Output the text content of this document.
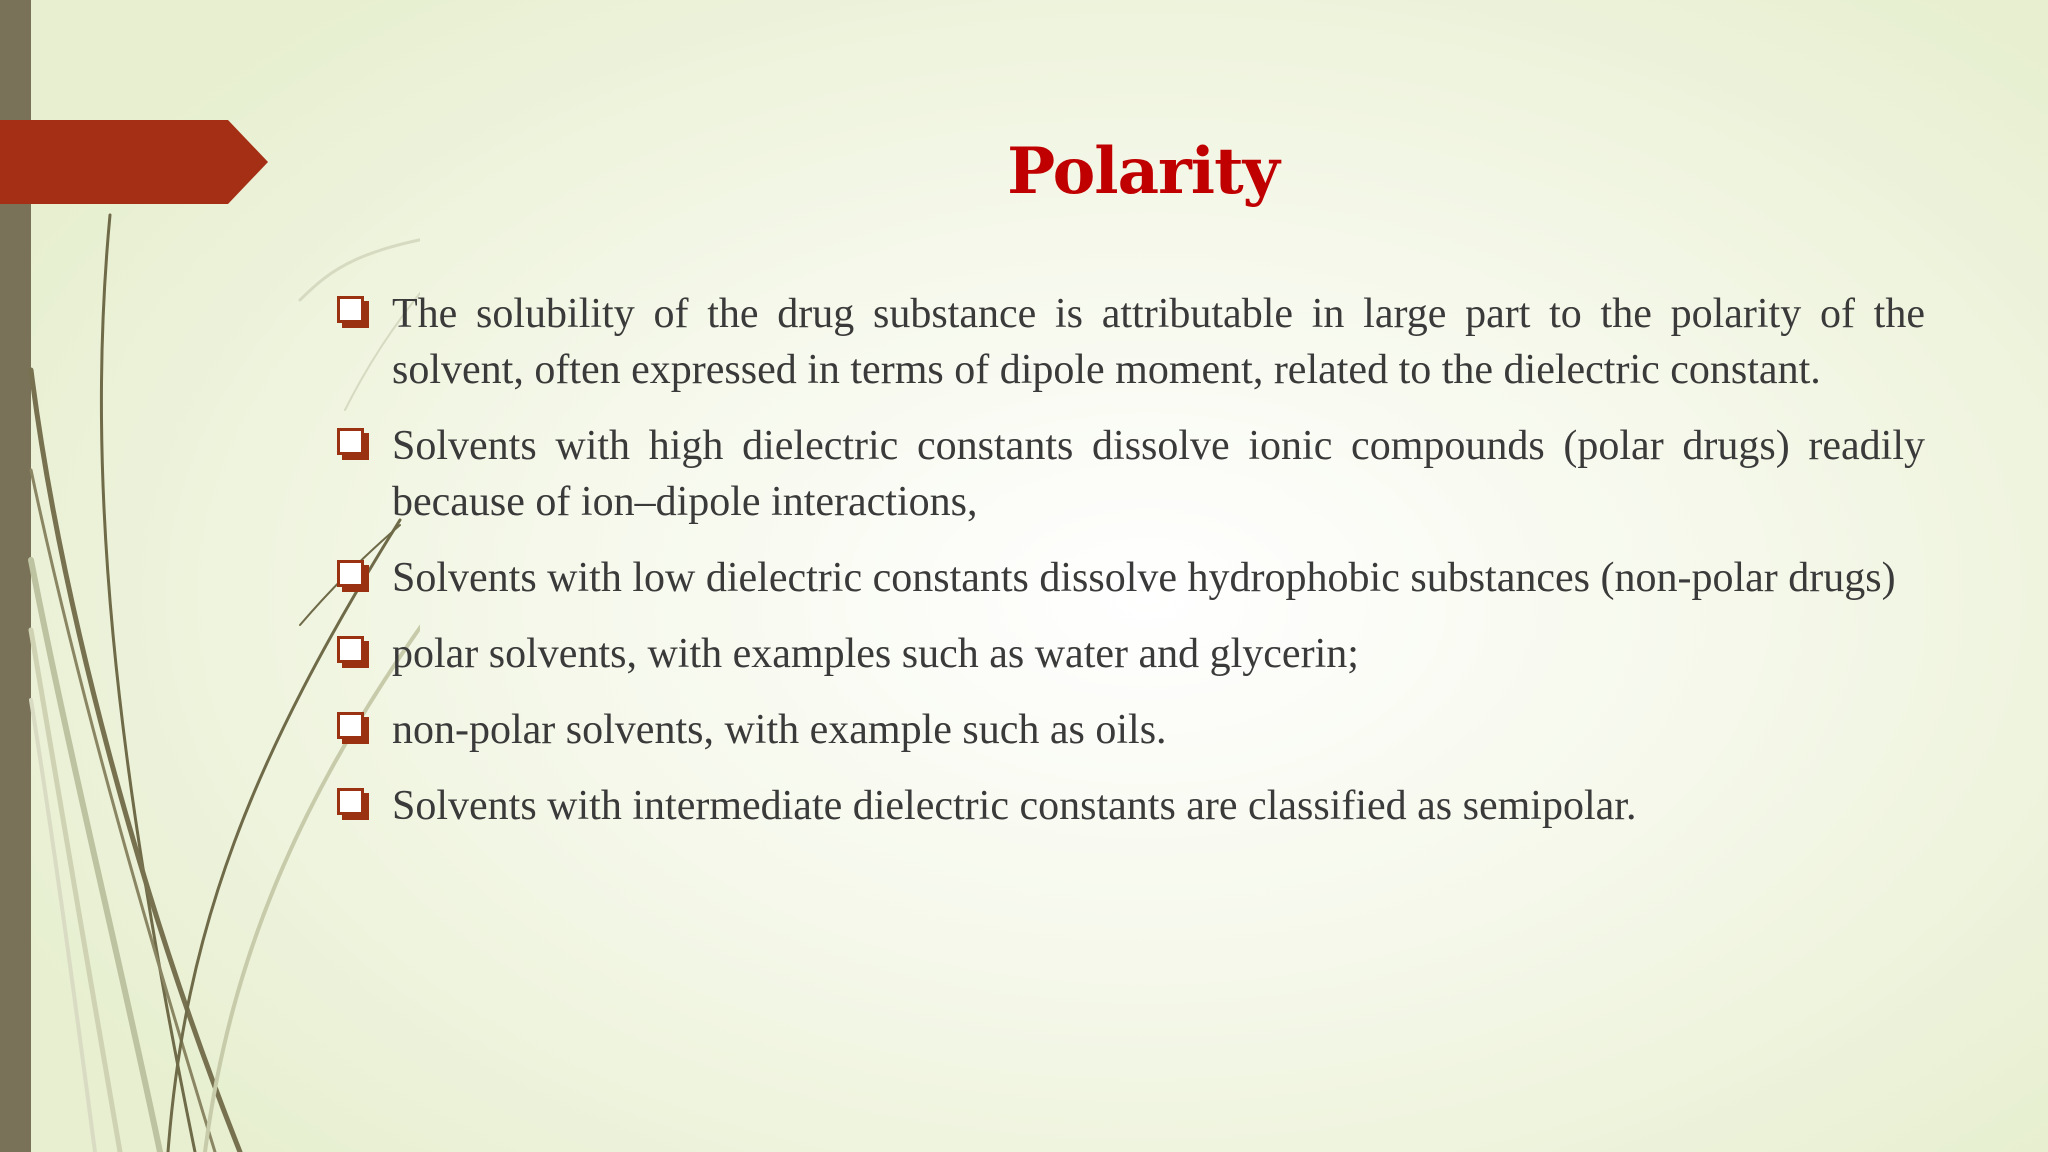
Polarity
The solubility of the drug substance is attributable in large part to the polarity of the solvent, often expressed in terms of dipole moment, related to the dielectric constant.
Solvents with high dielectric constants dissolve ionic compounds (polar drugs) readily because of ion–dipole interactions,
Solvents with low dielectric constants dissolve hydrophobic substances (non-polar drugs)
polar solvents, with examples such as water and glycerin;
non-polar solvents, with example such as oils.
Solvents with intermediate dielectric constants are classified as semipolar.
